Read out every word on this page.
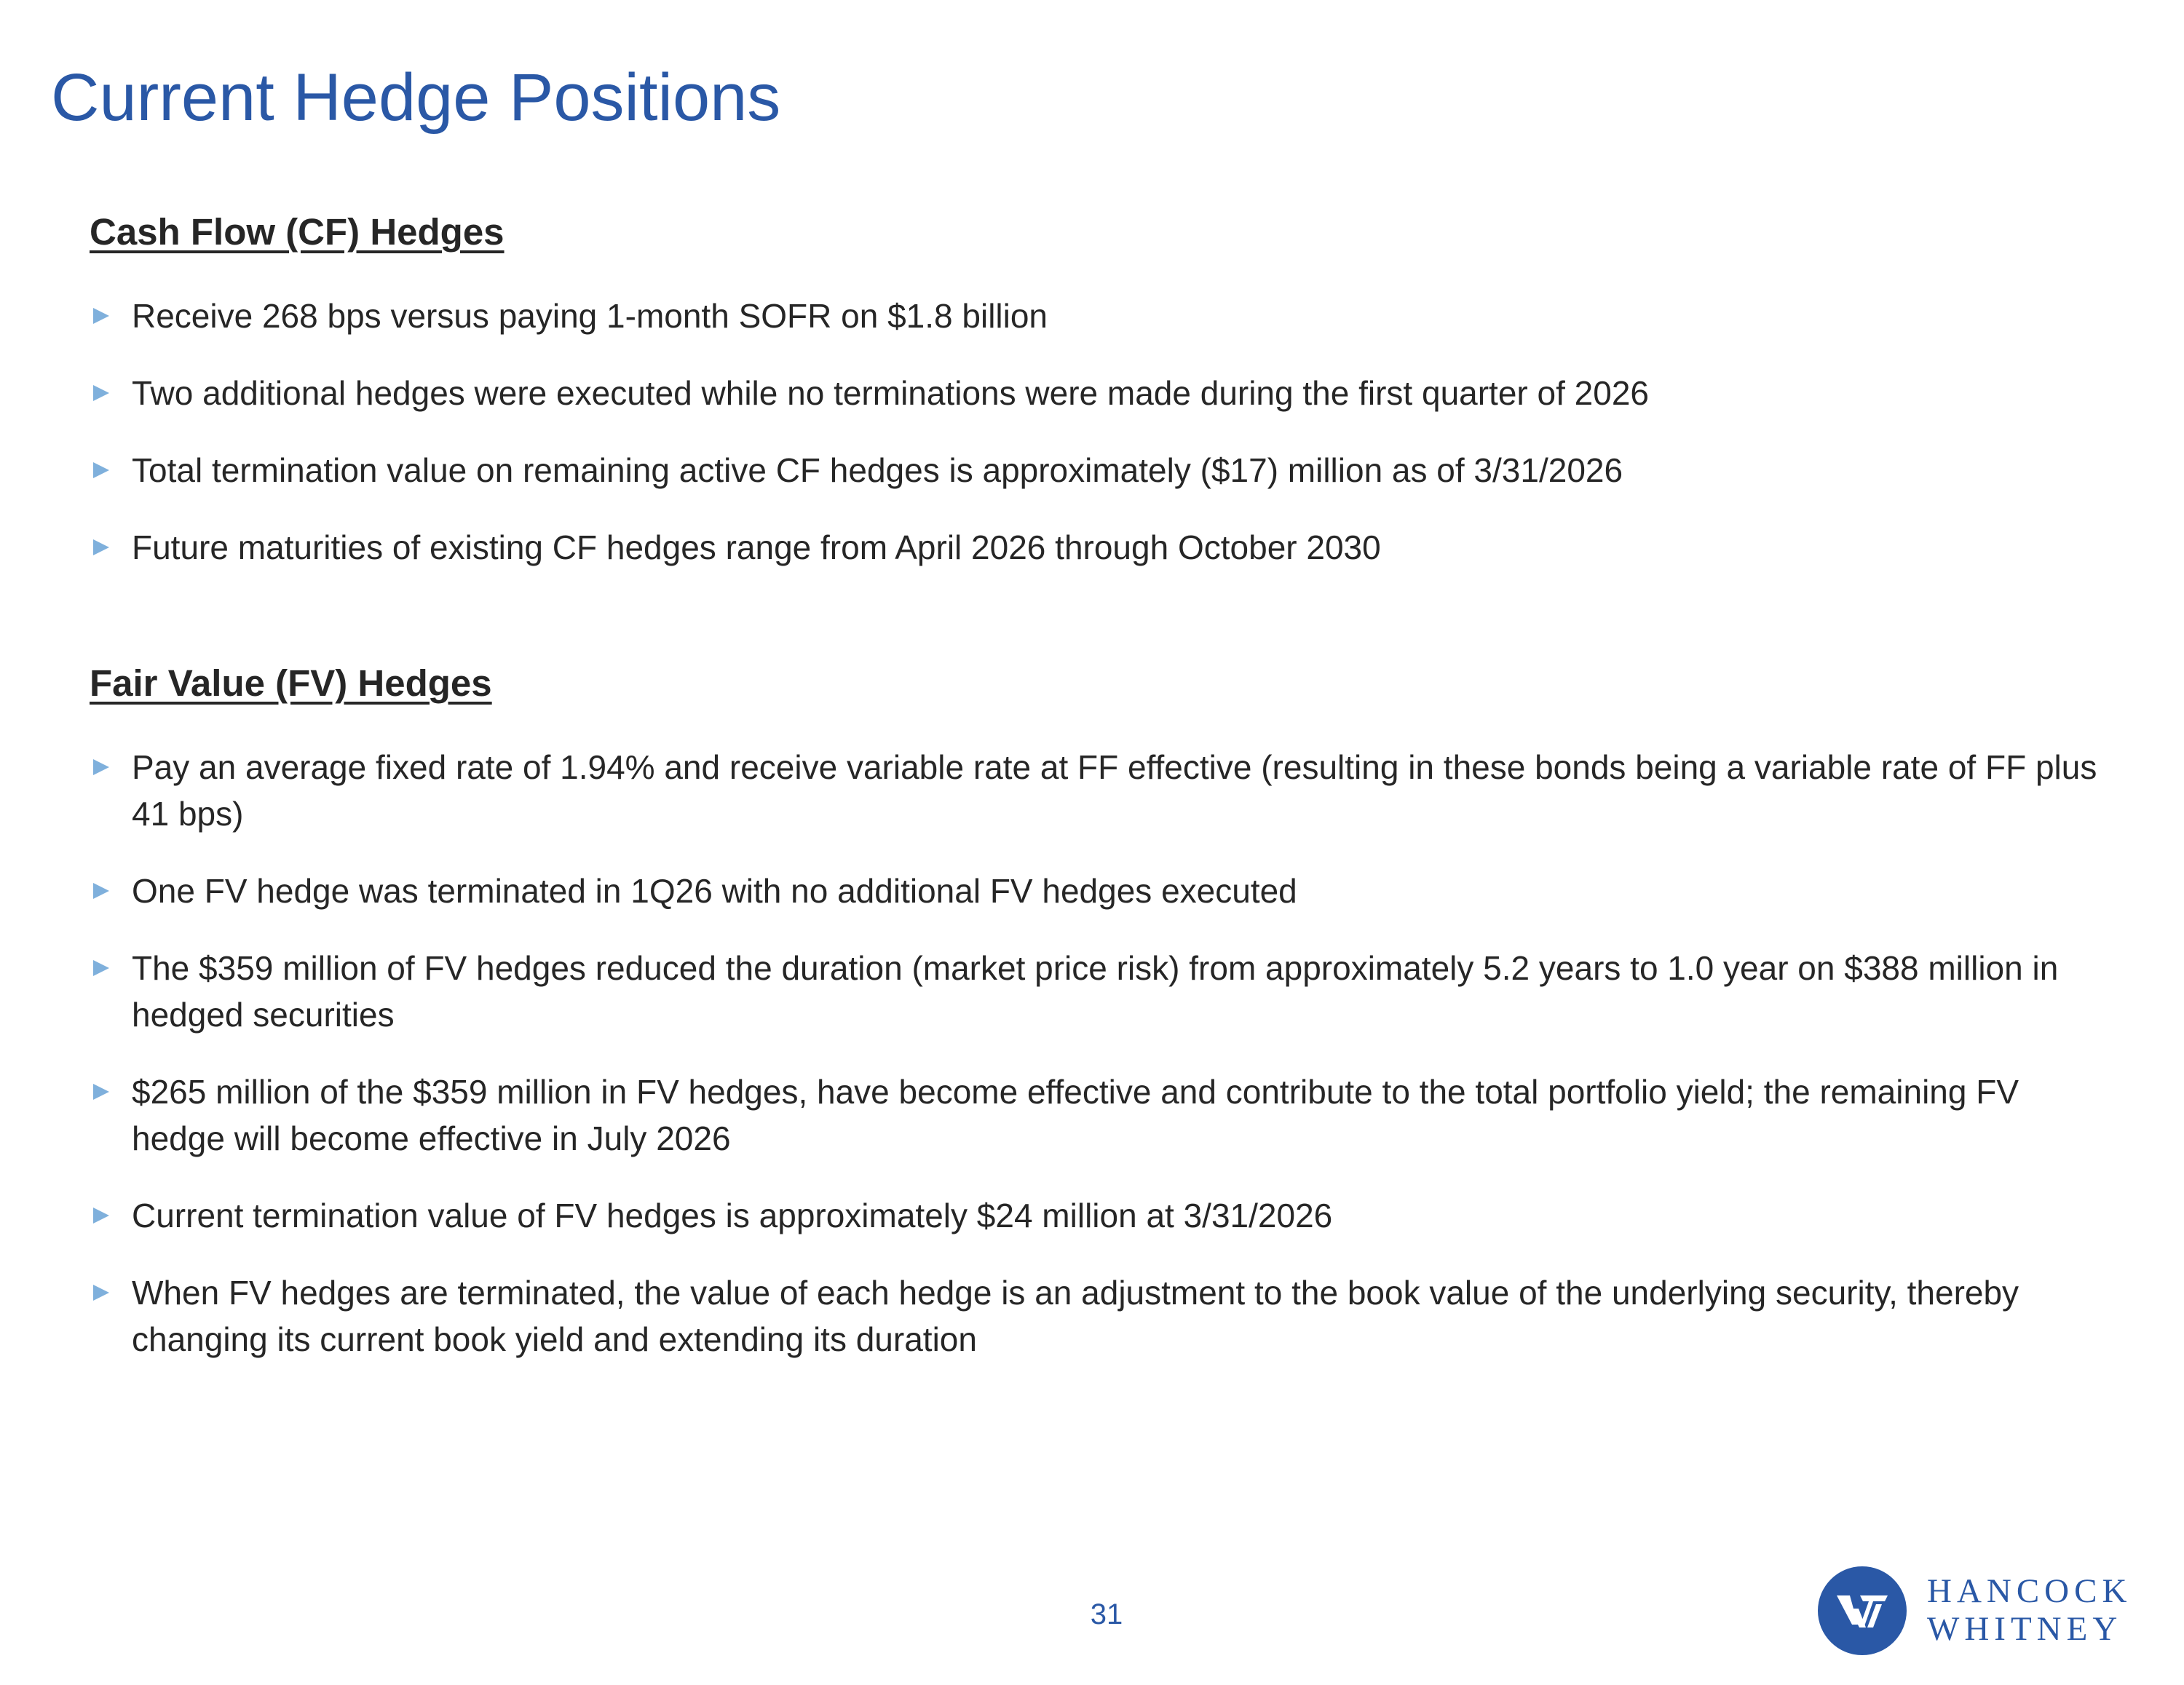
Current Hedge Positions
Cash Flow (CF) Hedges
Receive 268 bps versus paying 1-month SOFR on $1.8 billion
Two additional hedges were executed while no terminations were made during the first quarter of 2026
Total termination value on remaining active CF hedges is approximately ($17) million as of 3/31/2026
Future maturities of existing CF hedges range from April 2026 through October 2030
Fair Value (FV) Hedges
Pay an average fixed rate of 1.94% and receive variable rate at FF effective (resulting in these bonds being a variable rate of FF plus 41 bps)
One FV hedge was terminated in 1Q26 with no additional FV hedges executed
The $359 million of FV hedges reduced the duration (market price risk) from approximately 5.2 years to 1.0 year on $388 million in hedged securities
$265 million of the $359 million in FV hedges, have become effective and contribute to the total portfolio yield; the remaining FV hedge will become effective in July 2026
Current termination value of FV hedges is approximately $24 million at 3/31/2026
When FV hedges are terminated, the value of each hedge is an adjustment to the book value of the underlying security, thereby changing its current book yield and extending its duration
31
HANCOCK
WHITNEY
